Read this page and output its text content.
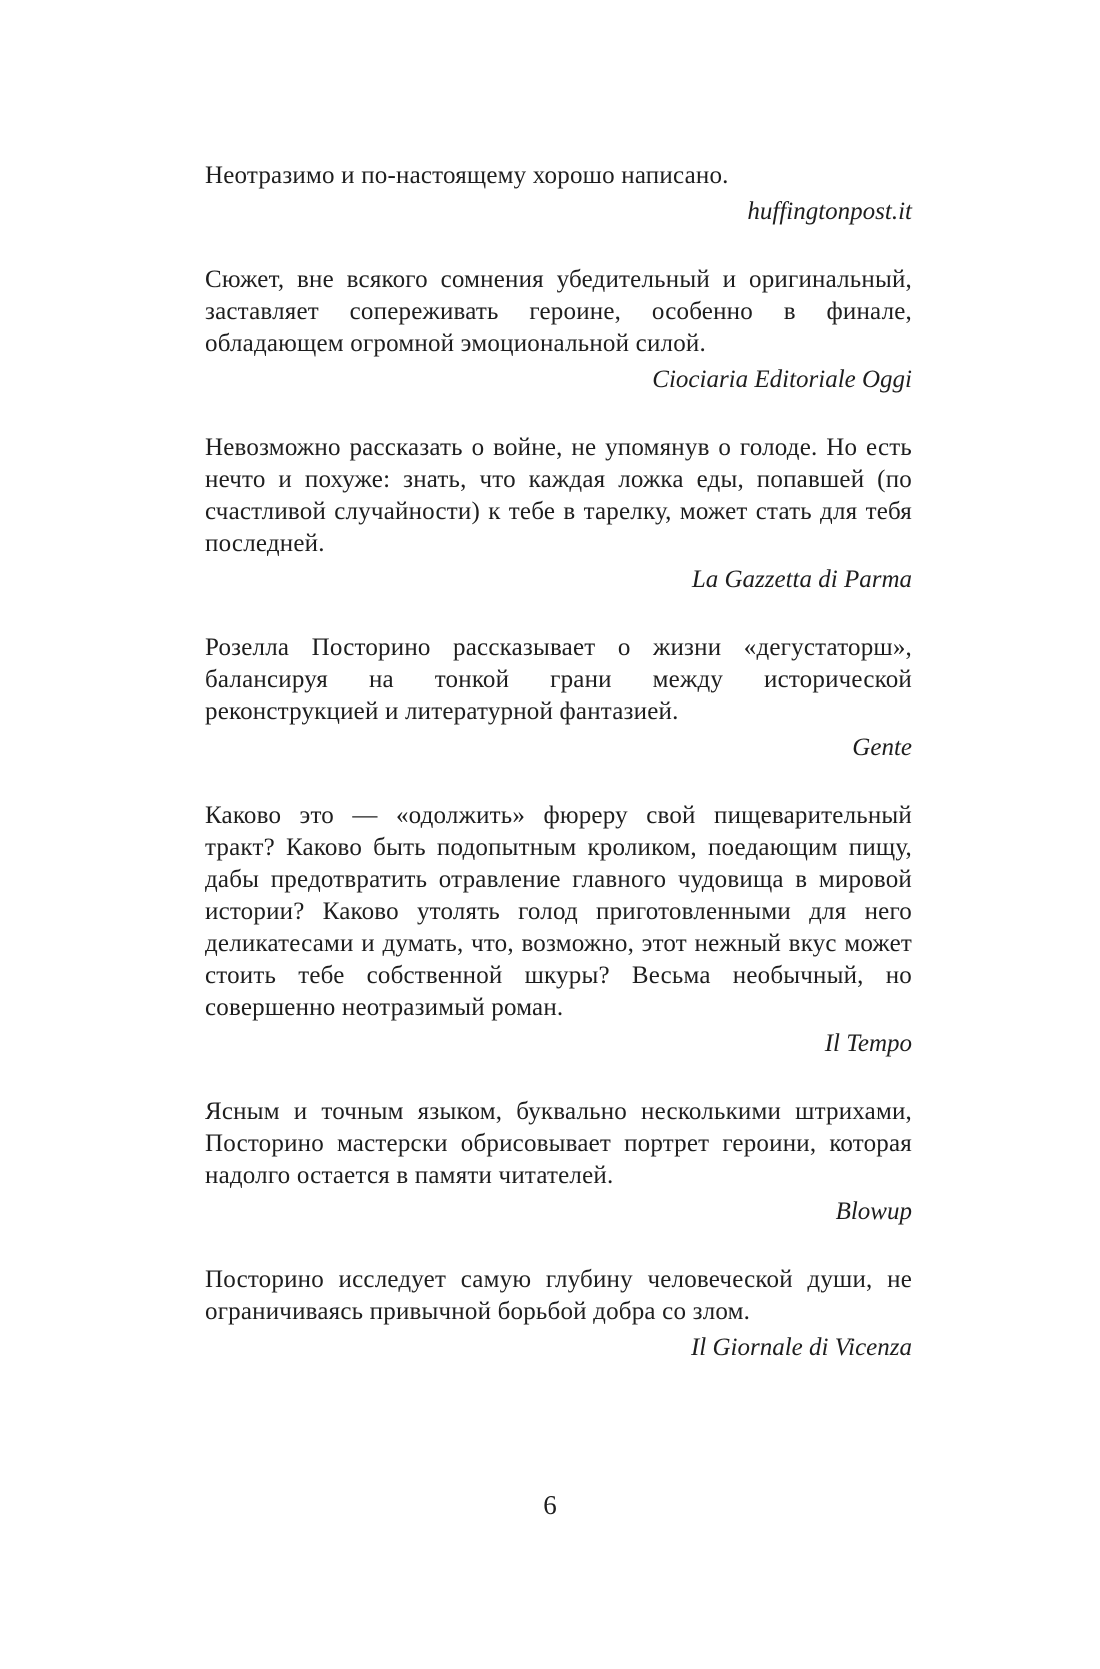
Неотразимо и по-настоящему хорошо написано.

huffingtonpost.it

Сюжет, вне всякого сомнения убедительный и оригинальный, заставляет сопереживать героине, особенно в финале, обладающем огромной эмоциональной силой.

Ciociaria Editoriale Oggi

Невозможно рассказать о войне, не упомянув о голоде. Но есть нечто и похуже: знать, что каждая ложка еды, попавшей (по счастливой случайности) к тебе в тарелку, может стать для тебя последней.

La Gazzetta di Parma

Розелла Посторино рассказывает о жизни «дегустаторш», балансируя на тонкой грани между исторической реконструкцией и литературной фантазией.

Gente

Каково это — «одолжить» фюреру свой пищеварительный тракт? Каково быть подопытным кроликом, поедающим пищу, дабы предотвратить отравление главного чудовища в мировой истории? Каково утолять голод приготовленными для него деликатесами и думать, что, возможно, этот нежный вкус может стоить тебе собственной шкуры? Весьма необычный, но совершенно неотразимый роман.

Il Tempo

Ясным и точным языком, буквально несколькими штрихами, Посторино мастерски обрисовывает портрет героини, которая надолго остается в памяти читателей.

Blowup

Посторино исследует самую глубину человеческой души, не ограничиваясь привычной борьбой добра со злом.

Il Giornale di Vicenza

6
